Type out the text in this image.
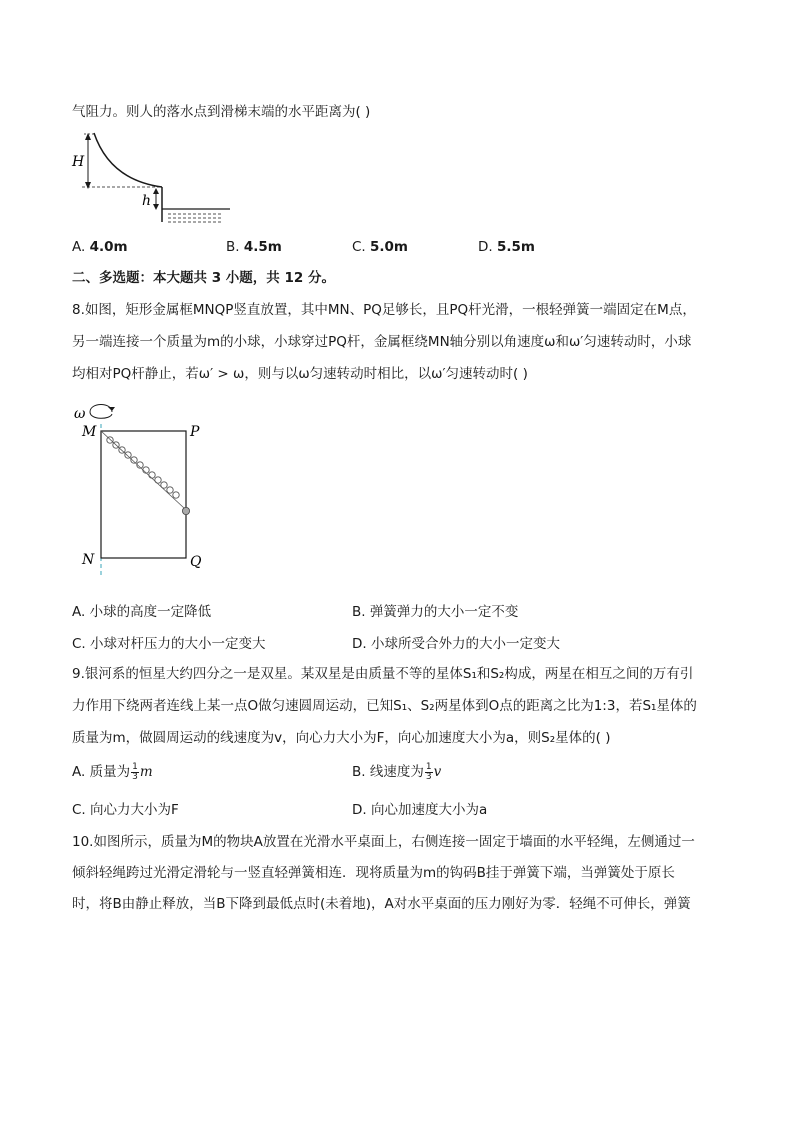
气阻力。则人的落水点到滑梯末端的水平距离为( )
H
h
A. 4.0m	B. 4.5m	C. 5.0m	D. 5.5m
二、多选题：本大题共 3 小题，共 12 分。
8.如图，矩形金属框MNQP竖直放置，其中MN、PQ足够长，且PQ杆光滑，一根轻弹簧一端固定在M点，
另一端连接一个质量为m的小球，小球穿过PQ杆，金属框绕MN轴分别以角速度ω和ω′匀速转动时，小球
均相对PQ杆静止，若ω′ > ω，则与以ω匀速转动时相比，以ω′匀速转动时( )
ω
M	P
N	Q
A. 小球的高度一定降低	B. 弹簧弹力的大小一定不变
C. 小球对杆压力的大小一定变大	D. 小球所受合外力的大小一定变大
9.银河系的恒星大约四分之一是双星。某双星是由质量不等的星体S₁和S₂构成，两星在相互之间的万有引
力作用下绕两者连线上某一点O做匀速圆周运动，已知S₁、S₂两星体到O点的距离之比为1:3，若S₁星体的
质量为m，做圆周运动的线速度为v，向心力大小为F，向心加速度大小为a，则S₂星体的( )
A. 质量为 $\frac{1}{3}$ m	B. 线速度为 $\frac{1}{3}$ v
C. 向心力大小为F	D. 向心加速度大小为a
10.如图所示，质量为M的物块A放置在光滑水平桌面上，右侧连接一固定于墙面的水平轻绳，左侧通过一
倾斜轻绳跨过光滑定滑轮与一竖直轻弹簧相连．现将质量为m的钩码B挂于弹簧下端，当弹簧处于原长
时，将B由静止释放，当B下降到最低点时(未着地)，A对水平桌面的压力刚好为零．轻绳不可伸长，弹簧
